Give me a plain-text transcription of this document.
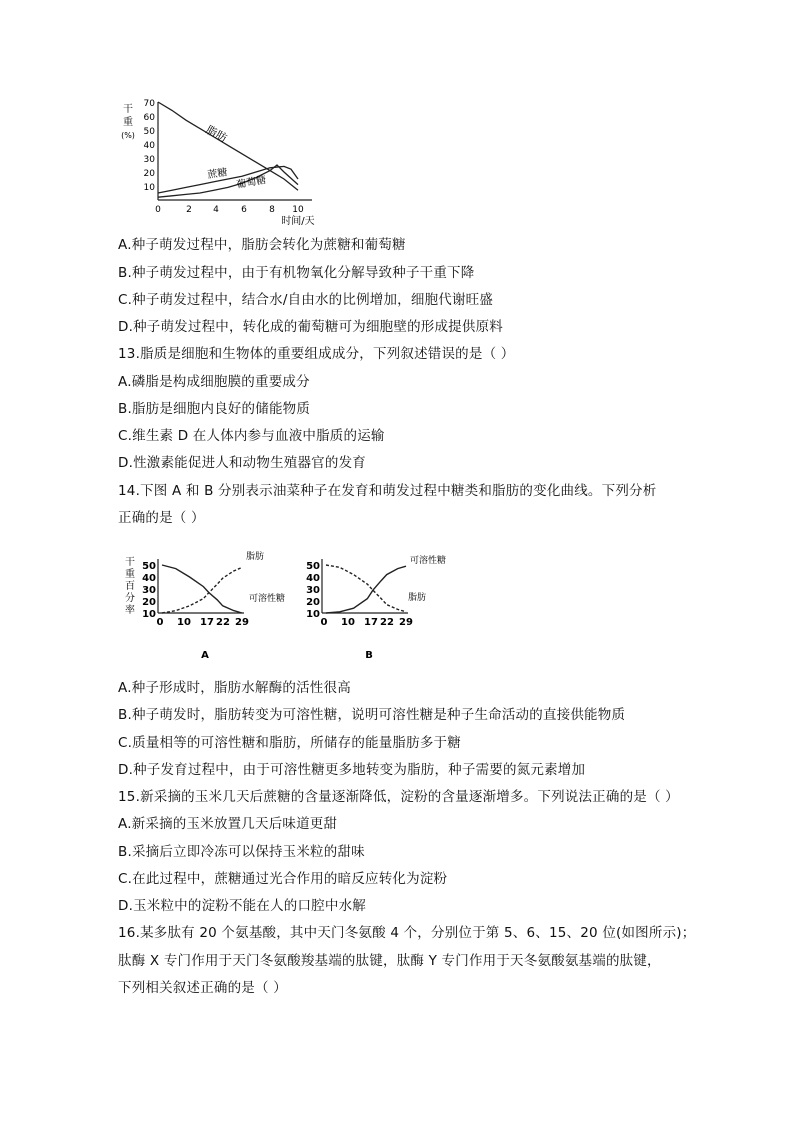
干
重
(%)
70
60
50
40
30
20
10
0	2 4 6 8 10
时间/天
脂肪
蔗糖
葡萄糖
A.种子萌发过程中，脂肪会转化为蔗糖和葡萄糖
B.种子萌发过程中，由于有机物氧化分解导致种子干重下降
C.种子萌发过程中，结合水/自由水的比例增加，细胞代谢旺盛
D.种子萌发过程中，转化成的葡萄糖可为细胞壁的形成提供原料
13.脂质是细胞和生物体的重要组成成分，下列叙述错误的是（ ）
A.磷脂是构成细胞膜的重要成分
B.脂肪是细胞内良好的储能物质
C.维生素 D 在人体内参与血液中脂质的运输
D.性激素能促进人和动物生殖器官的发育
14.下图 A 和 B 分别表示油菜种子在发育和萌发过程中糖类和脂肪的变化曲线。下列分析
正确的是（ ）
干
重
百
分
率
50
40
30
20
10
0 10 17 22 29
脂肪
可溶性糖
A
50
40
30
20
10
0 10 17 22 29
可溶性糖
脂肪
B
A.种子形成时，脂肪水解酶的活性很高
B.种子萌发时，脂肪转变为可溶性糖，说明可溶性糖是种子生命活动的直接供能物质
C.质量相等的可溶性糖和脂肪，所储存的能量脂肪多于糖
D.种子发育过程中，由于可溶性糖更多地转变为脂肪，种子需要的氮元素增加
15.新采摘的玉米几天后蔗糖的含量逐渐降低，淀粉的含量逐渐增多。下列说法正确的是（ ）
A.新采摘的玉米放置几天后味道更甜
B.采摘后立即冷冻可以保持玉米粒的甜味
C.在此过程中，蔗糖通过光合作用的暗反应转化为淀粉
D.玉米粒中的淀粉不能在人的口腔中水解
16.某多肽有 20 个氨基酸，其中天门冬氨酸 4 个，分别位于第 5、6、15、20 位(如图所示)；
肽酶 X 专门作用于天门冬氨酸羧基端的肽键，肽酶 Y 专门作用于天冬氨酸氨基端的肽键，
下列相关叙述正确的是（ ）
